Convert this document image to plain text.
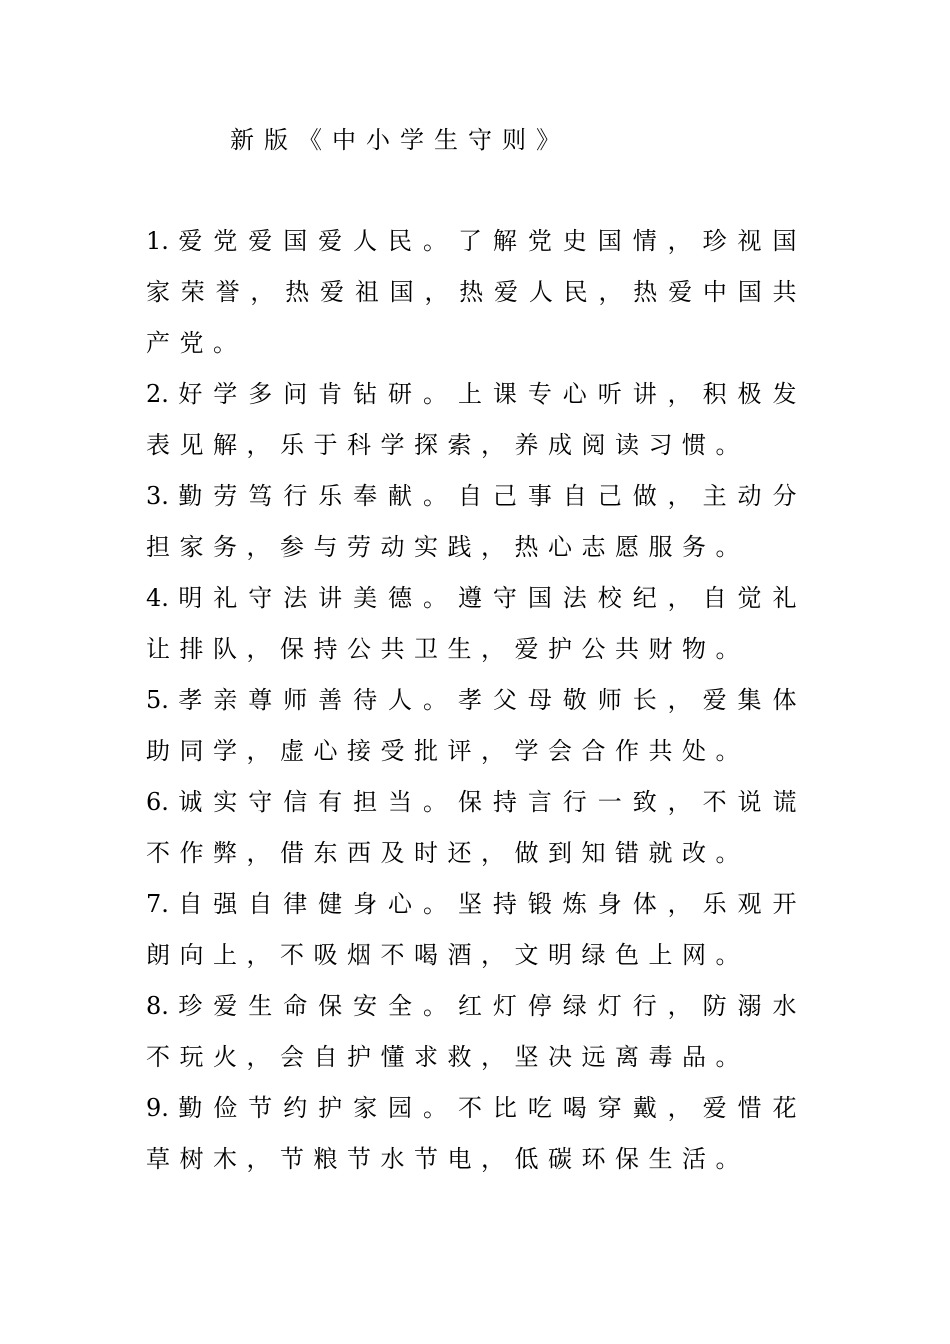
新版《中小学生守则》
1. 爱党爱国爱人民。了解党史国情，珍视国家荣誉，热爱祖国，热爱人民，热爱中国共产党。
2. 好学多问肯钻研。上课专心听讲，积极发表见解，乐于科学探索，养成阅读习惯。
3. 勤劳笃行乐奉献。自己事自己做，主动分担家务，参与劳动实践，热心志愿服务。
4. 明礼守法讲美德。遵守国法校纪，自觉礼让排队，保持公共卫生，爱护公共财物。
5. 孝亲尊师善待人。孝父母敬师长，爱集体助同学，虚心接受批评，学会合作共处。
6. 诚实守信有担当。保持言行一致，不说谎不作弊，借东西及时还，做到知错就改。
7. 自强自律健身心。坚持锻炼身体，乐观开朗向上，不吸烟不喝酒，文明绿色上网。
8. 珍爱生命保安全。红灯停绿灯行，防溺水不玩火，会自护懂求救，坚决远离毒品。
9. 勤俭节约护家园。不比吃喝穿戴，爱惜花草树木，节粮节水节电，低碳环保生活。
